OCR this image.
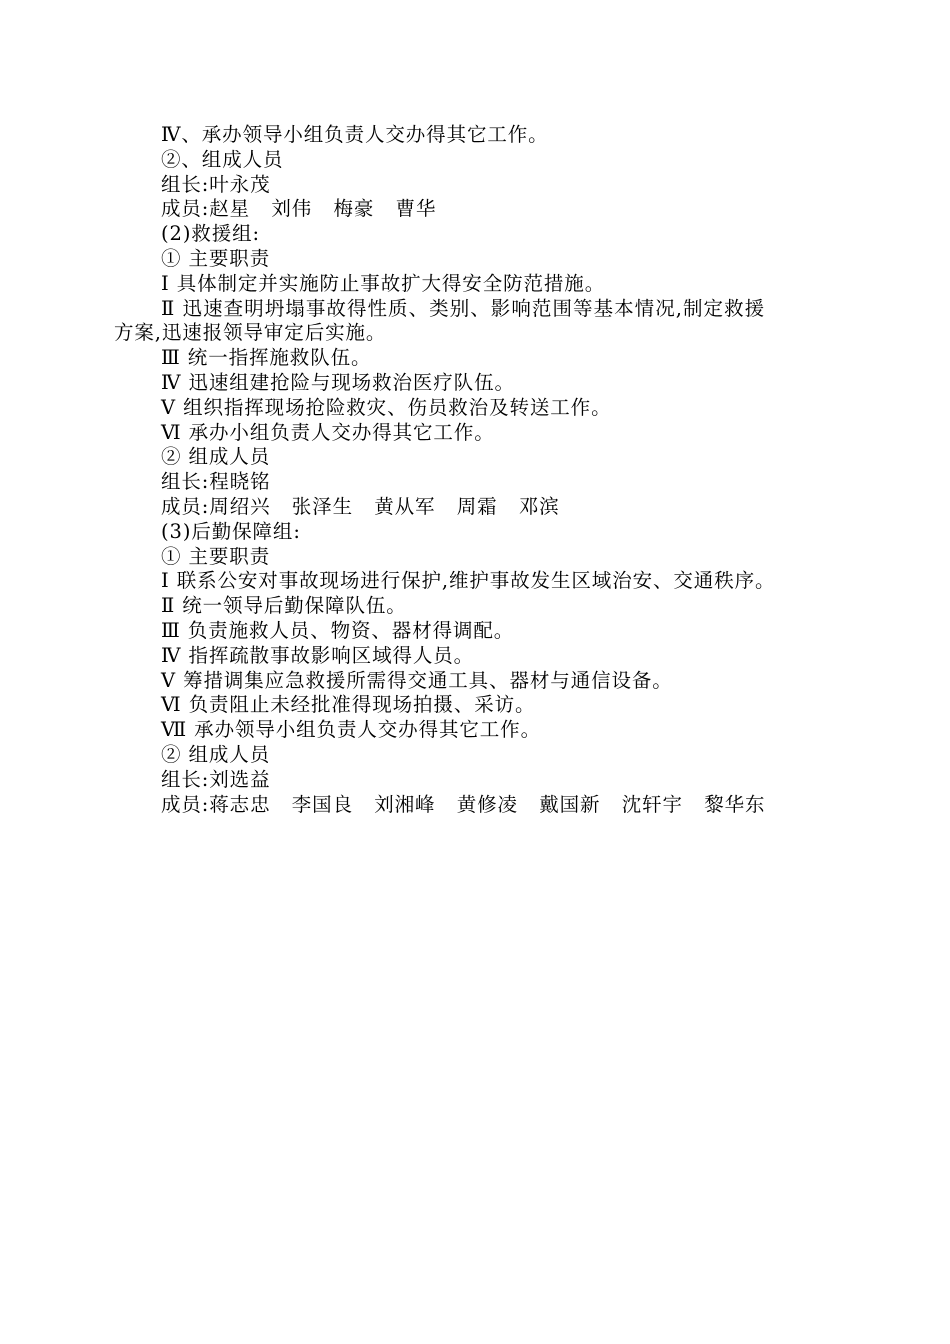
Ⅳ、承办领导小组负责人交办得其它工作。
②、组成人员
组长:叶永茂
成员:赵星   刘伟   梅豪   曹华
(2)救援组:
① 主要职责
Ⅰ 具体制定并实施防止事故扩大得安全防范措施。
Ⅱ 迅速查明坍塌事故得性质、类别、影响范围等基本情况,制定救援
方案,迅速报领导审定后实施。
Ⅲ 统一指挥施救队伍。
Ⅳ 迅速组建抢险与现场救治医疗队伍。
Ⅴ 组织指挥现场抢险救灾、伤员救治及转送工作。
Ⅵ 承办小组负责人交办得其它工作。
② 组成人员
组长:程晓铭
成员:周绍兴   张泽生   黄从军   周霜   邓滨
(3)后勤保障组:
① 主要职责
Ⅰ 联系公安对事故现场进行保护,维护事故发生区域治安、交通秩序。
Ⅱ 统一领导后勤保障队伍。
Ⅲ 负责施救人员、物资、器材得调配。
Ⅳ 指挥疏散事故影响区域得人员。
Ⅴ 筹措调集应急救援所需得交通工具、器材与通信设备。
Ⅵ 负责阻止未经批准得现场拍摄、采访。
Ⅶ 承办领导小组负责人交办得其它工作。
② 组成人员
组长:刘选益
成员:蒋志忠   李国良   刘湘峰   黄修凌   戴国新   沈轩宇   黎华东
